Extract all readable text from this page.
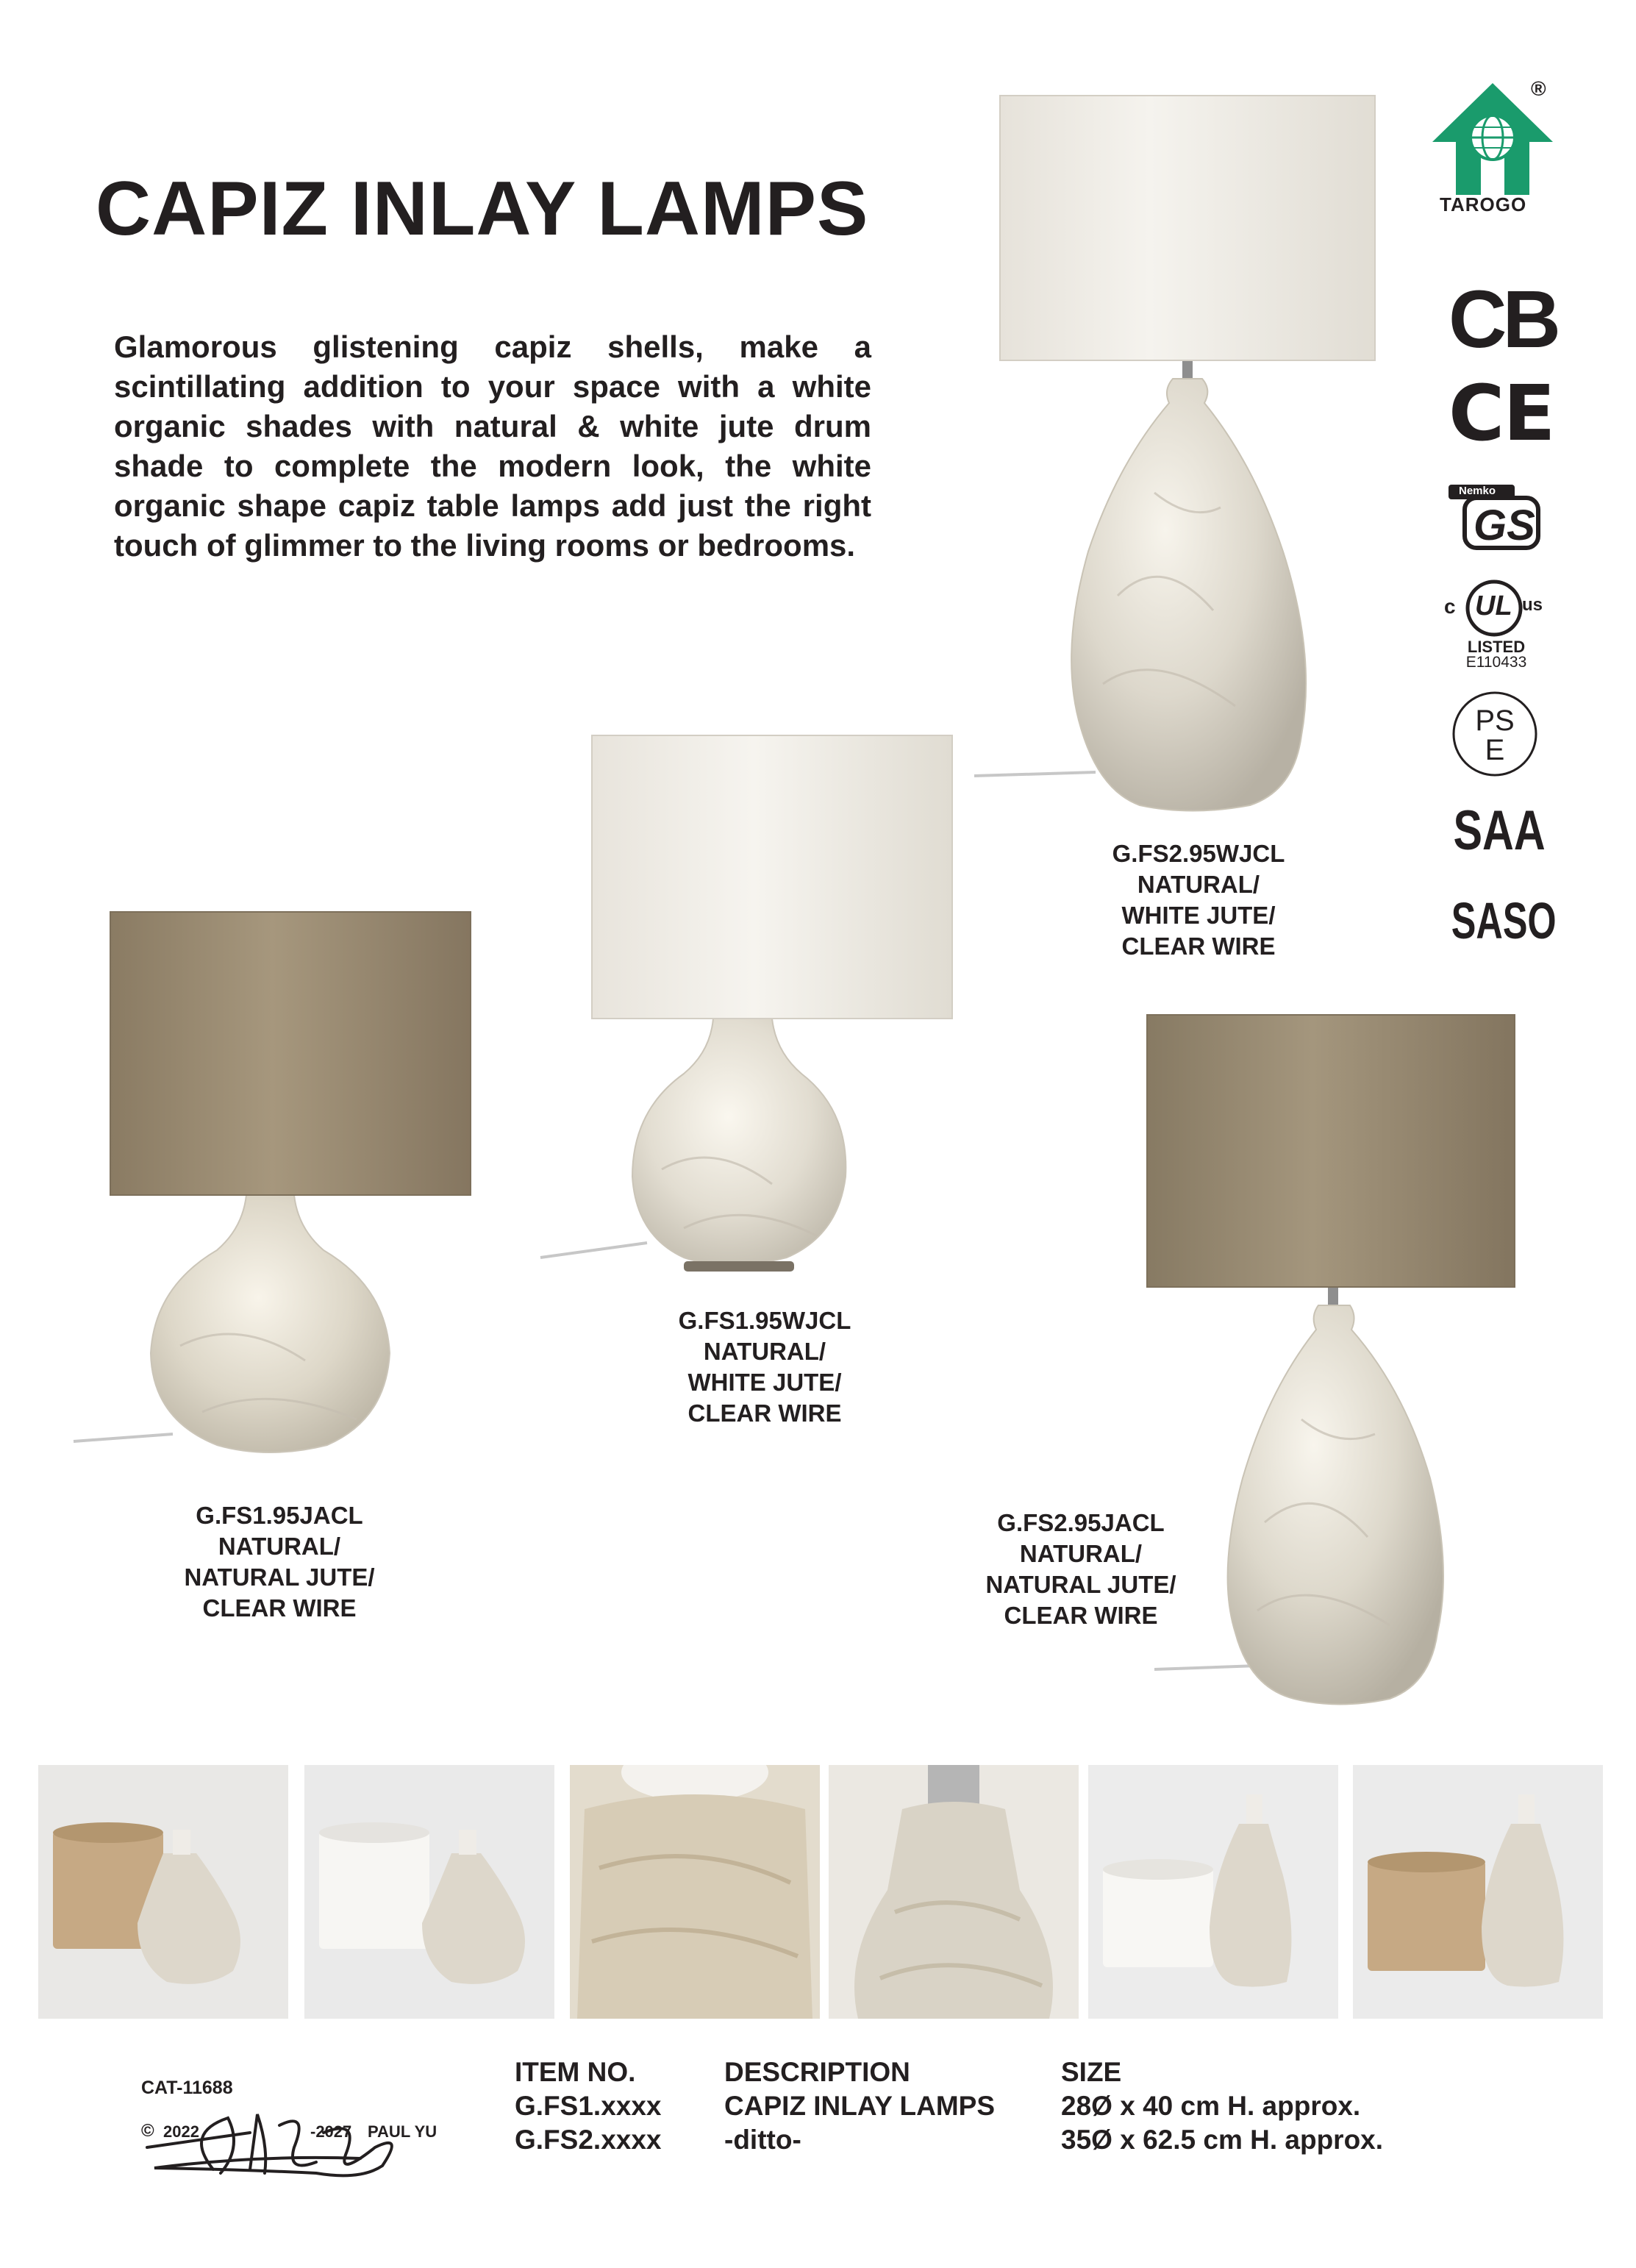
CAPIZ INLAY LAMPS
Glamorous glistening capiz shells, make a scintillating addition to your space with a white organic shades with natural & white jute drum shade to complete the modern look, the white organic shape capiz table lamps add just the right touch of glimmer to the living rooms or bedrooms.
TAROGO
®
CB
CE
Nemko
GS
c UL us
LISTED
E110433
PS
E
SAA
SASO
G.FS2.95WJCL
NATURAL/
WHITE JUTE/
CLEAR WIRE
G.FS1.95WJCL
NATURAL/
WHITE JUTE/
CLEAR WIRE
G.FS1.95JACL
NATURAL/
NATURAL JUTE/
CLEAR WIRE
G.FS2.95JACL
NATURAL/
NATURAL JUTE/
CLEAR WIRE
CAT-11688
© 2022	-2027 PAUL YU
ITEM NO.
G.FS1.xxxx
G.FS2.xxxx
DESCRIPTION
CAPIZ INLAY LAMPS
-ditto-
SIZE
28Ø x 40 cm H. approx.
35Ø x 62.5 cm H. approx.
